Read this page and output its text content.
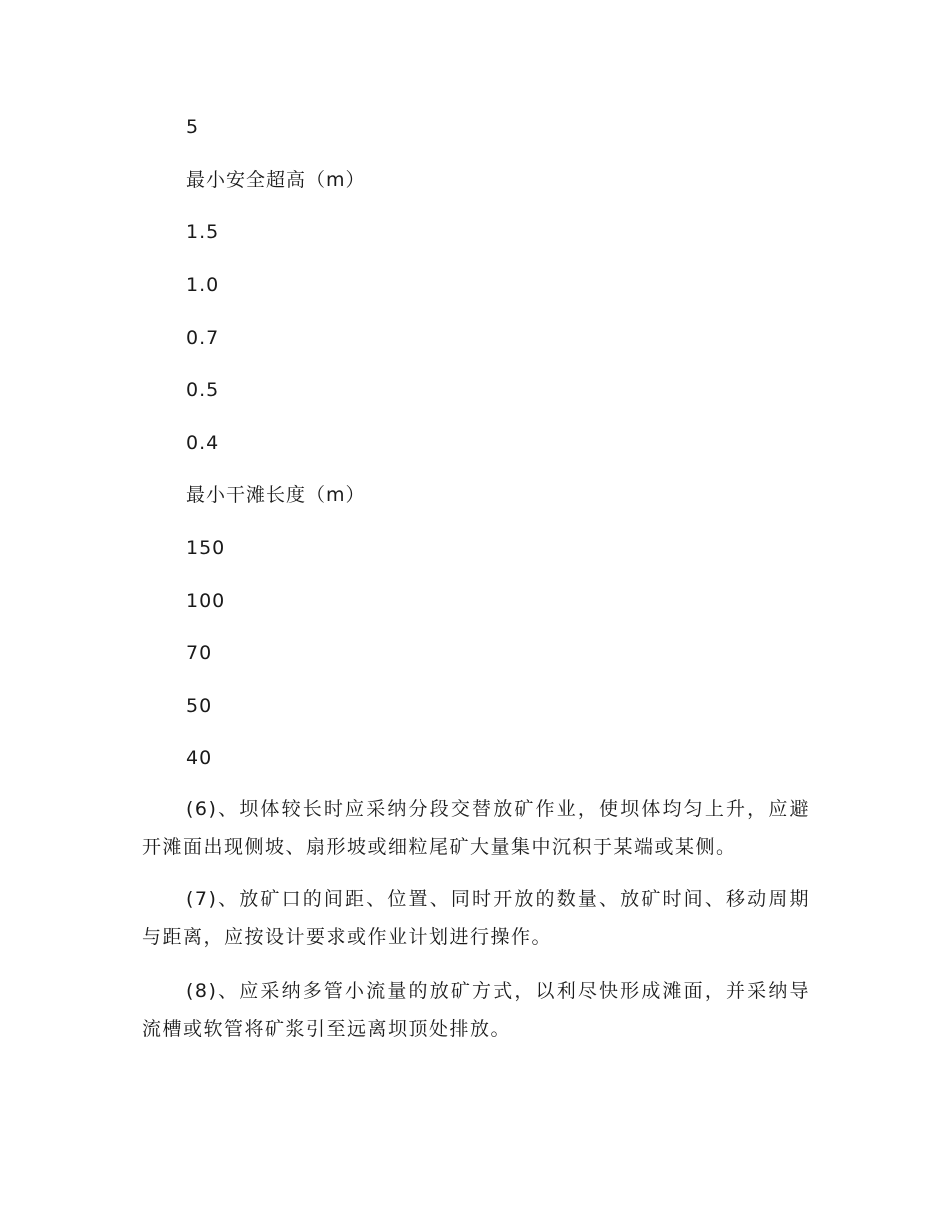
5
最小安全超高（m）
1.5
1.0
0.7
0.5
0.4
最小干滩长度（m）
150
100
70
50
40

(6)、坝体较长时应采纳分段交替放矿作业，使坝体均匀上升，应避开滩面出现侧坡、扇形坡或细粒尾矿大量集中沉积于某端或某侧。

(7)、放矿口的间距、位置、同时开放的数量、放矿时间、移动周期与距离，应按设计要求或作业计划进行操作。

(8)、应采纳多管小流量的放矿方式，以利尽快形成滩面，并采纳导流槽或软管将矿浆引至远离坝顶处排放。
